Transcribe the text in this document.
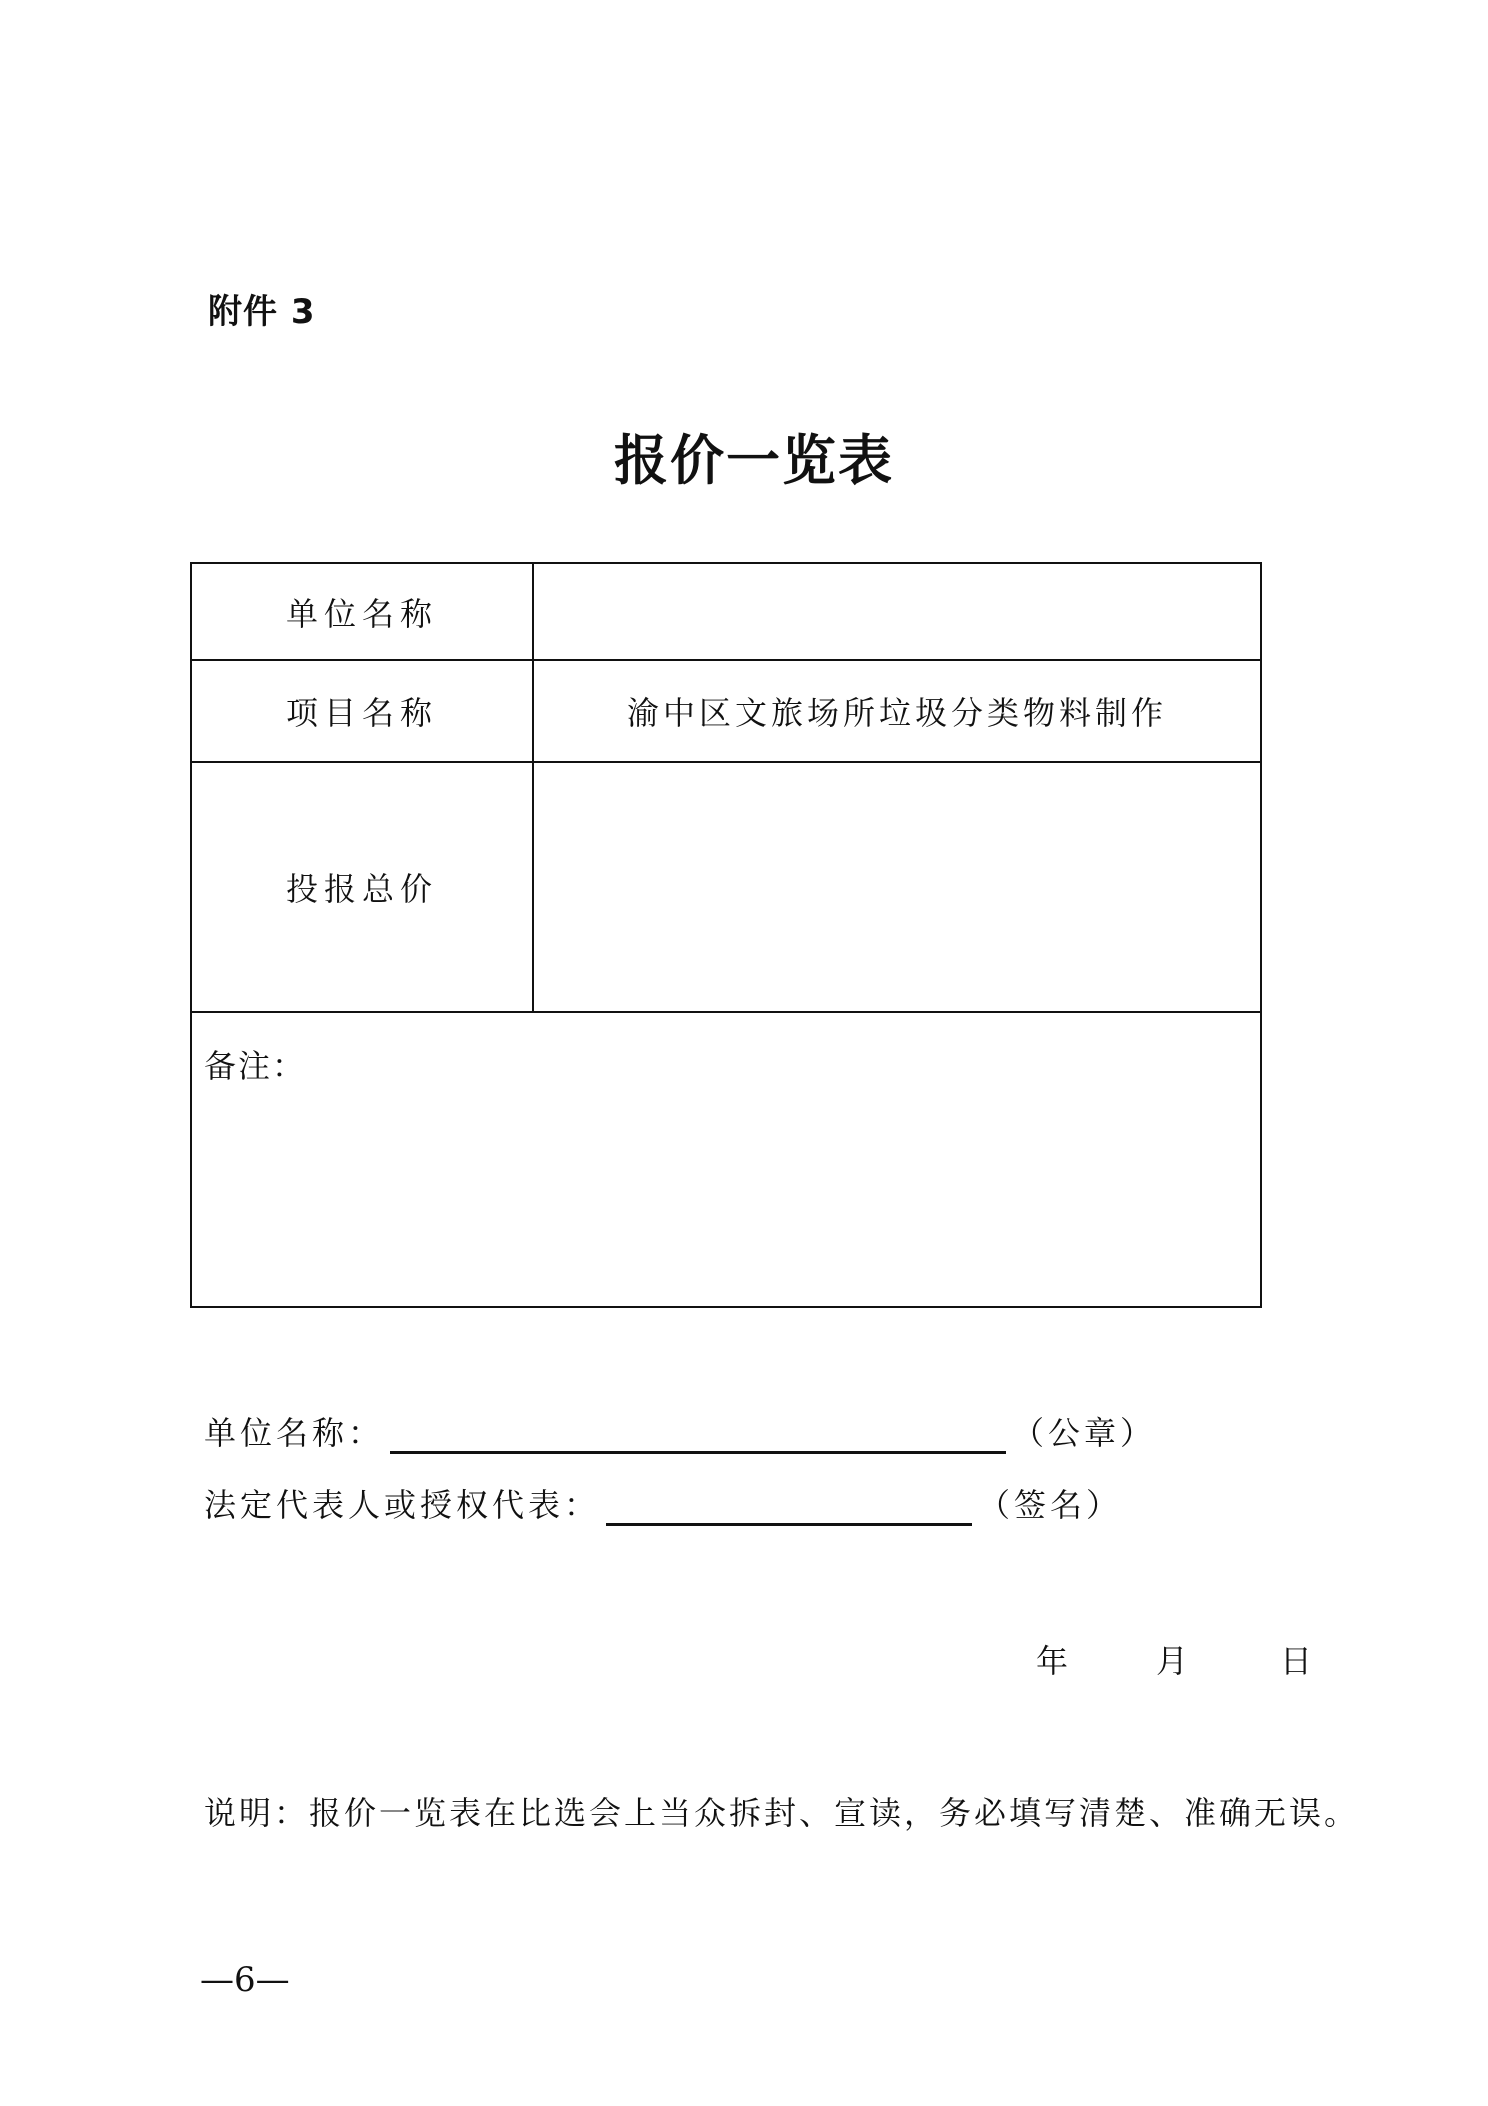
附件 3
报价一览表
单位名称
项目名称	渝中区文旅场所垃圾分类物料制作
投报总价
备注：
单位名称：	（公章）
法定代表人或授权代表：	（签名）
年	月	日
说明：报价一览表在比选会上当众拆封、宣读，务必填写清楚、准确无误。
—6—
